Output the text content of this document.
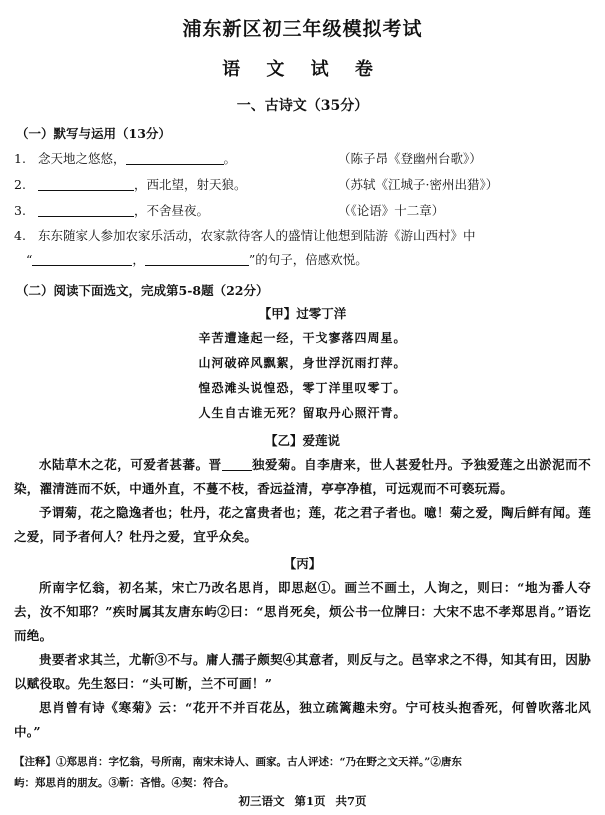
浦东新区初三年级模拟考试
语 文 试 卷
一、古诗文（35分）
（一）默写与运用（13分）
1. 念天地之悠悠，	。	（陈子昂《登幽州台歌》）
2.	，西北望，射天狼。	（苏轼《江城子·密州出猎》）
3.	，不舍昼夜。	（《论语》十二章）
4. 东东随家人参加农家乐活动，农家款待客人的盛情让他想到陆游《游山西村》中
“	，	”的句子，倍感欢悦。
（二）阅读下面选文，完成第5-8题（22分）
【甲】过零丁洋
辛苦遭逢起一经，干戈寥落四周星。
山河破碎风飘絮，身世浮沉雨打萍。
惶恐滩头说惶恐，零丁洋里叹零丁。
人生自古谁无死？留取丹心照汗青。
【乙】爱莲说

水陆草木之花，可爱者甚蕃。晋 独爱菊。自李唐来，世人甚爱牡丹。予独爱莲之出淤泥而不染，濯清涟而不妖，中通外直，不蔓不枝，香远益清，亭亭净植，可远观而不可亵玩焉。

予谓菊，花之隐逸者也；牡丹，花之富贵者也；莲，花之君子者也。噫！菊之爱，陶后鲜有闻。莲之爱，同予者何人？牡丹之爱，宜乎众矣。

【丙】

所南字忆翁，初名某，宋亡乃改名思肖，即思赵①。画兰不画土，人询之，则曰：“地为番人夺去，汝不知耶？”疾时属其友唐东屿②曰：“思肖死矣，烦公书一位牌曰：大宋不忠不孝郑思肖。”语讫而绝。

贵要者求其兰，尤靳③不与。庸人孺子颇契④其意者，则反与之。邑宰求之不得，知其有田，因胁以赋役取。先生怒曰：“头可断，兰不可画！”

思肖曾有诗《寒菊》云：“花开不并百花丛，独立疏篱趣未穷。宁可枝头抱香死，何曾吹落北风中。”

【注释】①郑思肖：字忆翁，号所南，南宋末诗人、画家。古人评述：“乃在野之文天祥。”②唐东
屿：郑思肖的朋友。③靳：吝惜。④契：符合。
初三语文 第1页 共7页
